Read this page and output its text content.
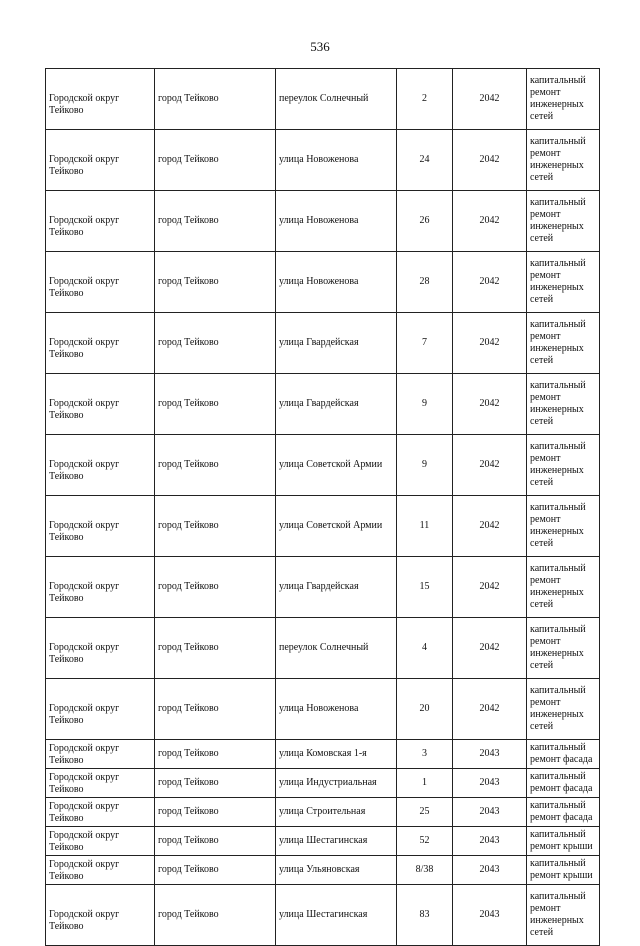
536
Городской округ Тейково	город Тейково	переулок Солнечный	2	2042	капитальный ремонт инженерных сетей
Городской округ Тейково	город Тейково	улица Новоженова	24	2042	капитальный ремонт инженерных сетей
Городской округ Тейково	город Тейково	улица Новоженова	26	2042	капитальный ремонт инженерных сетей
Городской округ Тейково	город Тейково	улица Новоженова	28	2042	капитальный ремонт инженерных сетей
Городской округ Тейково	город Тейково	улица Гвардейская	7	2042	капитальный ремонт инженерных сетей
Городской округ Тейково	город Тейково	улица Гвардейская	9	2042	капитальный ремонт инженерных сетей
Городской округ Тейково	город Тейково	улица Советской Армии	9	2042	капитальный ремонт инженерных сетей
Городской округ Тейково	город Тейково	улица Советской Армии	11	2042	капитальный ремонт инженерных сетей
Городской округ Тейково	город Тейково	улица Гвардейская	15	2042	капитальный ремонт инженерных сетей
Городской округ Тейково	город Тейково	переулок Солнечный	4	2042	капитальный ремонт инженерных сетей
Городской округ Тейково	город Тейково	улица Новоженова	20	2042	капитальный ремонт инженерных сетей
Городской округ Тейково	город Тейково	улица Комовская 1-я	3	2043	капитальный ремонт фасада
Городской округ Тейково	город Тейково	улица Индустриальная	1	2043	капитальный ремонт фасада
Городской округ Тейково	город Тейково	улица Строительная	25	2043	капитальный ремонт фасада
Городской округ Тейково	город Тейково	улица Шестагинская	52	2043	капитальный ремонт крыши
Городской округ Тейково	город Тейково	улица Ульяновская	8/38	2043	капитальный ремонт крыши
Городской округ Тейково	город Тейково	улица Шестагинская	83	2043	капитальный ремонт инженерных сетей
